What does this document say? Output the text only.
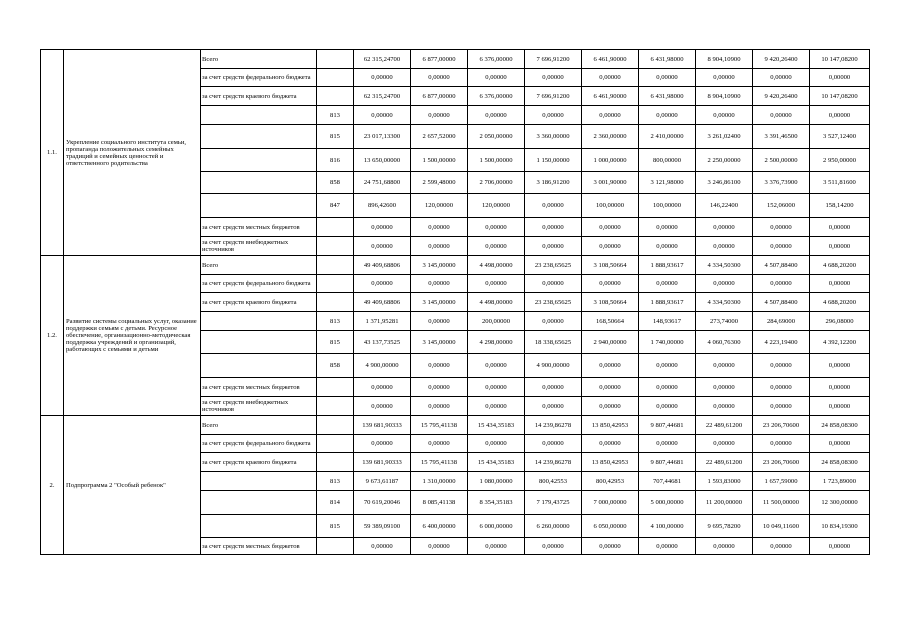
1.1.	Укрепление социального института семьи, пропаганда положительных семейных традиций и семейных ценностей и ответственного родительства	Всего		62 315,24700	6 877,00000	6 376,00000	7 696,91200	6 461,90000	6 431,98000	8 904,10900	9 420,26400	10 147,08200
		за счет средств федерального бюджета		0,00000	0,00000	0,00000	0,00000	0,00000	0,00000	0,00000	0,00000	0,00000
		за счет средств краевого бюджета		62 315,24700	6 877,00000	6 376,00000	7 696,91200	6 461,90000	6 431,98000	8 904,10900	9 420,26400	10 147,08200
			813	0,00000	0,00000	0,00000	0,00000	0,00000	0,00000	0,00000	0,00000	0,00000
			815	23 017,13300	2 657,52000	2 050,00000	3 360,00000	2 360,00000	2 410,00000	3 261,02400	3 391,46500	3 527,12400
			816	13 650,00000	1 500,00000	1 500,00000	1 150,00000	1 000,00000	800,00000	2 250,00000	2 500,00000	2 950,00000
			858	24 751,68800	2 599,48000	2 706,00000	3 186,91200	3 001,90000	3 121,98000	3 246,86100	3 376,73900	3 511,81600
			847	896,42600	120,00000	120,00000	0,00000	100,00000	100,00000	146,22400	152,06000	158,14200
		за счет средств местных бюджетов		0,00000	0,00000	0,00000	0,00000	0,00000	0,00000	0,00000	0,00000	0,00000
		за счет средств внебюджетных источников		0,00000	0,00000	0,00000	0,00000	0,00000	0,00000	0,00000	0,00000	0,00000
1.2.	Развитие системы социальных услуг, оказание поддержки семьям с детьми. Ресурсное обеспечение, организационно-методическая поддержка учреждений и организаций, работающих с семьями и детьми	Всего		49 409,68806	3 145,00000	4 498,00000	23 238,65625	3 108,50664	1 888,93617	4 334,50300	4 507,88400	4 688,20200
		за счет средств федерального бюджета		0,00000	0,00000	0,00000	0,00000	0,00000	0,00000	0,00000	0,00000	0,00000
		за счет средств краевого бюджета		49 409,68806	3 145,00000	4 498,00000	23 238,65625	3 108,50664	1 888,93617	4 334,50300	4 507,88400	4 688,20200
			813	1 371,95281	0,00000	200,00000	0,00000	168,50664	148,93617	273,74000	284,69000	296,08000
			815	43 137,73525	3 145,00000	4 298,00000	18 338,65625	2 940,00000	1 740,00000	4 060,76300	4 223,19400	4 392,12200
			858	4 900,00000	0,00000	0,00000	4 900,00000	0,00000	0,00000	0,00000	0,00000	0,00000
		за счет средств местных бюджетов		0,00000	0,00000	0,00000	0,00000	0,00000	0,00000	0,00000	0,00000	0,00000
		за счет средств внебюджетных источников		0,00000	0,00000	0,00000	0,00000	0,00000	0,00000	0,00000	0,00000	0,00000
2.	Подпрограмма 2 "Особый ребенок"	Всего		139 681,90333	15 795,41138	15 434,35183	14 239,86278	13 850,42953	9 807,44681	22 489,61200	23 206,70600	24 858,08300
		за счет средств федерального бюджета		0,00000	0,00000	0,00000	0,00000	0,00000	0,00000	0,00000	0,00000	0,00000
		за счет средств краевого бюджета		139 681,90333	15 795,41138	15 434,35183	14 239,86278	13 850,42953	9 807,44681	22 489,61200	23 206,70600	24 858,08300
			813	9 673,61187	1 310,00000	1 080,00000	800,42553	800,42953	707,44681	1 593,83000	1 657,59000	1 723,89000
			814	70 619,20046	8 085,41138	8 354,35183	7 179,43725	7 000,00000	5 000,00000	11 200,00000	11 500,00000	12 300,00000
			815	59 389,09100	6 400,00000	6 000,00000	6 260,00000	6 050,00000	4 100,00000	9 695,78200	10 049,11600	10 834,19300
		за счет средств местных бюджетов		0,00000	0,00000	0,00000	0,00000	0,00000	0,00000	0,00000	0,00000	0,00000
